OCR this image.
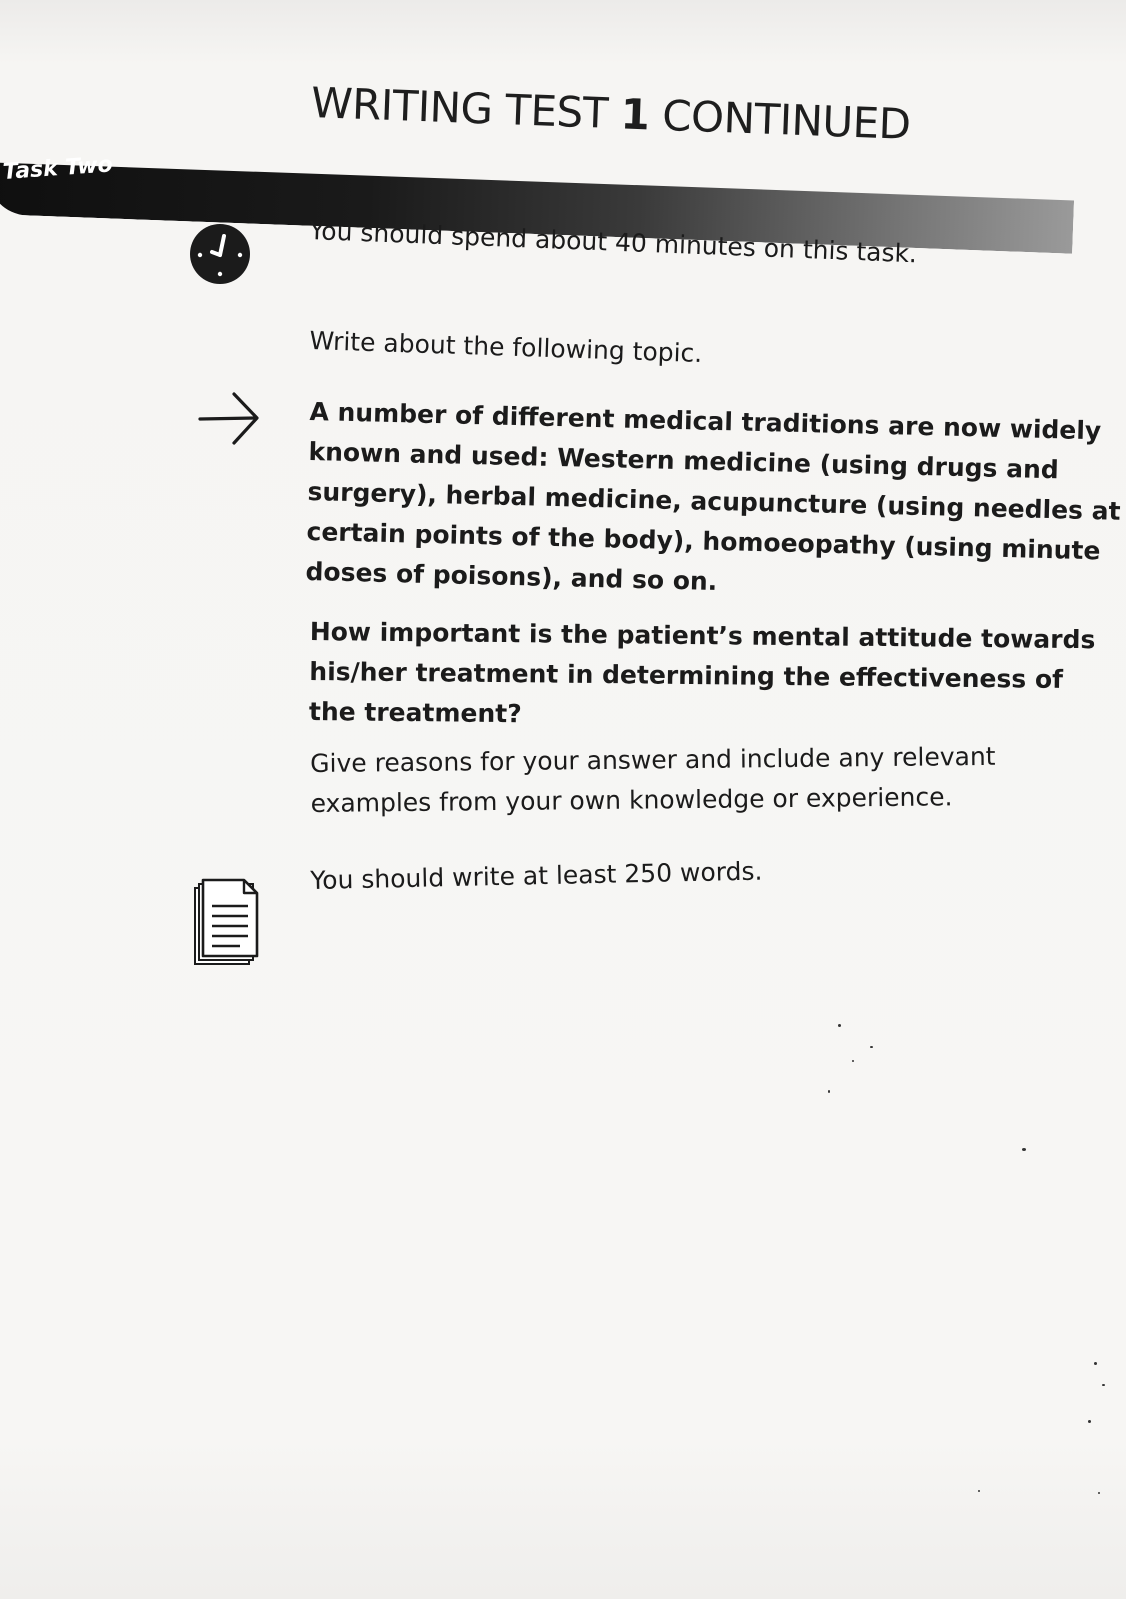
WRITING TEST 1 CONTINUED
Task Two
You should spend about 40 minutes on this task.
Write about the following topic.
A number of different medical traditions are now widely
known and used: Western medicine (using drugs and
surgery), herbal medicine, acupuncture (using needles at
certain points of the body), homoeopathy (using minute
doses of poisons), and so on.
How important is the patient’s mental attitude towards
his/her treatment in determining the effectiveness of
the treatment?
Give reasons for your answer and include any relevant
examples from your own knowledge or experience.
You should write at least 250 words.
